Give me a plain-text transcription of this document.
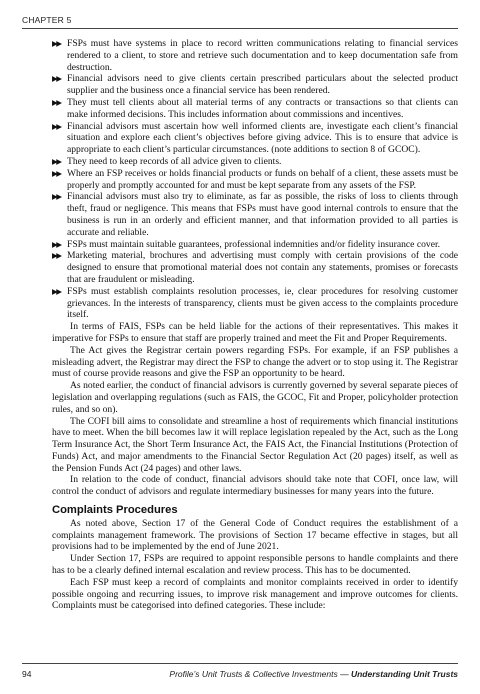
CHAPTER 5
▶▶ FSPs must have systems in place to record written communications relating to financial services rendered to a client, to store and retrieve such documentation and to keep documentation safe from destruction.
▶▶ Financial advisors need to give clients certain prescribed particulars about the selected product supplier and the business once a financial service has been rendered.
▶▶ They must tell clients about all material terms of any contracts or transactions so that clients can make informed decisions. This includes information about commissions and incentives.
▶▶ Financial advisors must ascertain how well informed clients are, investigate each client’s financial situation and explore each client’s objectives before giving advice. This is to ensure that advice is appropriate to each client’s particular circumstances. (note additions to section 8 of GCOC).
▶▶ They need to keep records of all advice given to clients.
▶▶ Where an FSP receives or holds financial products or funds on behalf of a client, these assets must be properly and promptly accounted for and must be kept separate from any assets of the FSP.
▶▶ Financial advisors must also try to eliminate, as far as possible, the risks of loss to clients through theft, fraud or negligence. This means that FSPs must have good internal controls to ensure that the business is run in an orderly and efficient manner, and that information provided to all parties is accurate and reliable.
▶▶ FSPs must maintain suitable guarantees, professional indemnities and/or fidelity insurance cover.
▶▶ Marketing material, brochures and advertising must comply with certain provisions of the code designed to ensure that promotional material does not contain any statements, promises or forecasts that are fraudulent or misleading.
▶▶ FSPs must establish complaints resolution processes, ie, clear procedures for resolving customer grievances. In the interests of transparency, clients must be given access to the complaints procedure itself.

In terms of FAIS, FSPs can be held liable for the actions of their representatives. This makes it imperative for FSPs to ensure that staff are properly trained and meet the Fit and Proper Requirements.

The Act gives the Registrar certain powers regarding FSPs. For example, if an FSP publishes a misleading advert, the Registrar may direct the FSP to change the advert or to stop using it. The Registrar must of course provide reasons and give the FSP an opportunity to be heard.

As noted earlier, the conduct of financial advisors is currently governed by several separate pieces of legislation and overlapping regulations (such as FAIS, the GCOC, Fit and Proper, policyholder protection rules, and so on).

The COFI bill aims to consolidate and streamline a host of requirements which financial institutions have to meet. When the bill becomes law it will replace legislation repealed by the Act, such as the Long Term Insurance Act, the Short Term Insurance Act, the FAIS Act, the Financial Institutions (Protection of Funds) Act, and major amendments to the Financial Sector Regulation Act (20 pages) itself, as well as the Pension Funds Act (24 pages) and other laws.

In relation to the code of conduct, financial advisors should take note that COFI, once law, will control the conduct of advisors and regulate intermediary businesses for many years into the future.

Complaints Procedures

As noted above, Section 17 of the General Code of Conduct requires the establishment of a complaints management framework. The provisions of Section 17 became effective in stages, but all provisions had to be implemented by the end of June 2021.

Under Section 17, FSPs are required to appoint responsible persons to handle complaints and there has to be a clearly defined internal escalation and review process. This has to be documented.

Each FSP must keep a record of complaints and monitor complaints received in order to identify possible ongoing and recurring issues, to improve risk management and improve outcomes for clients. Complaints must be categorised into defined categories. These include:

94	Profile’s Unit Trusts & Collective Investments — Understanding Unit Trusts
